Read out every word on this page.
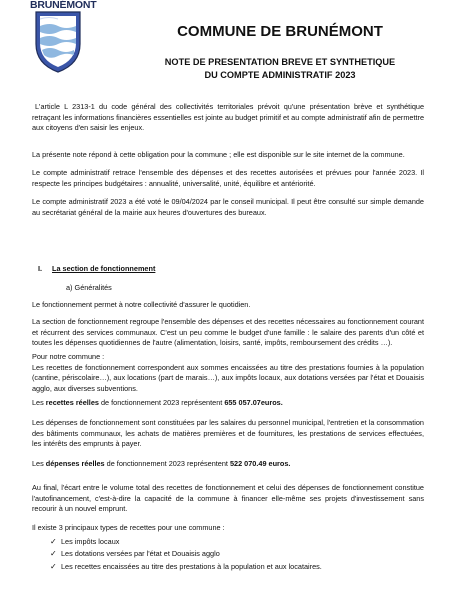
BRUNÉMONT
COMMUNE DE BRUNÉMONT
NOTE DE PRESENTATION BREVE ET SYNTHETIQUE
DU COMPTE ADMINISTRATIF 2023

L'article L 2313-1 du code général des collectivités territoriales prévoit qu'une présentation brève et synthétique retraçant les informations financières essentielles est jointe au budget primitif et au compte administratif afin de permettre aux citoyens d'en saisir les enjeux.

La présente note répond à cette obligation pour la commune ; elle est disponible sur le site internet de la commune.

Le compte administratif retrace l'ensemble des dépenses et des recettes autorisées et prévues pour l'année 2023. Il respecte les principes budgétaires : annualité, universalité, unité, équilibre et antériorité.

Le compte administratif 2023 a été voté le 09/04/2024 par le conseil municipal. Il peut être consulté sur simple demande au secrétariat général de la mairie aux heures d'ouvertures des bureaux.

I. La section de fonctionnement
a) Généralités

Le fonctionnement permet à notre collectivité d'assurer le quotidien.

La section de fonctionnement regroupe l'ensemble des dépenses et des recettes nécessaires au fonctionnement courant et récurrent des services communaux. C'est un peu comme le budget d'une famille : le salaire des parents d'un côté et toutes les dépenses quotidiennes de l'autre (alimentation, loisirs, santé, impôts, remboursement des crédits …).

Pour notre commune :
Les recettes de fonctionnement correspondent aux sommes encaissées au titre des prestations fournies à la population (cantine, périscolaire…), aux locations (part de marais…), aux impôts locaux, aux dotations versées par l'état et Douaisis agglo, aux diverses subventions.

Les recettes réelles de fonctionnement 2023 représentent 655 057.07euros.

Les dépenses de fonctionnement sont constituées par les salaires du personnel municipal, l'entretien et la consommation des bâtiments communaux, les achats de matières premières et de fournitures, les prestations de services effectuées, les intérêts des emprunts à payer.

Les dépenses réelles de fonctionnement 2023 représentent 522 070.49 euros.

Au final, l'écart entre le volume total des recettes de fonctionnement et celui des dépenses de fonctionnement constitue l'autofinancement, c'est-à-dire la capacité de la commune à financer elle-même ses projets d'investissement sans recourir à un nouvel emprunt.

Il existe 3 principaux types de recettes pour une commune :

✓ Les impôts locaux
✓ Les dotations versées par l'état et Douaisis agglo
✓ Les recettes encaissées au titre des prestations à la population et aux locataires.
